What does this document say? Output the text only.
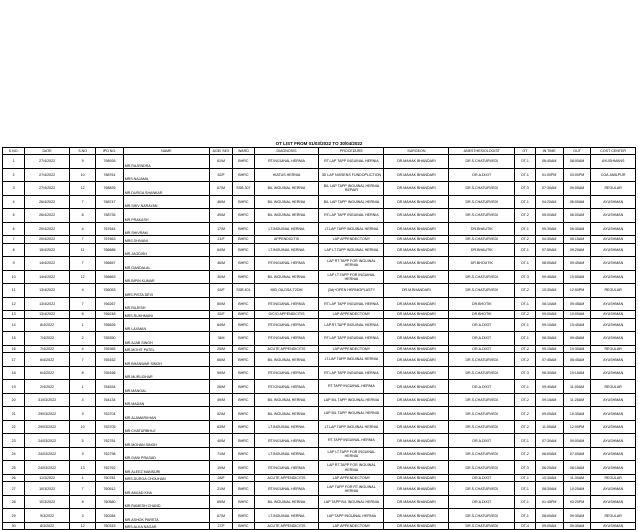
OT LIST FROM 01/03/2022 TO 30/04/2022
S.NO.	DATE	S.NO	IPD NO.	NAME	AGE/ SEX	WARD	DIAGNOSIS	PROCEDURE	SURGEON	ANESTHESIOLOGIST	OT	IN TIME	OUT	COST CENTER
1	27/4/2022	9	768926	MR.RAJENDRA	61/M	BHRC	RT.INGUINAL HERNIA	RT.LAP TAPP INGUINAL HERNIA	DR.MAHAK BHANDARI	DR.S.CHATURVEDI	OT-1	06:40AM	08:00AM	AYUSHMANS
2	27/4/2022	10	768761	MRS.NAJAMA	52/F	BHRC	HIATUS HERNIA	3D LAP NISSENS FUNDOPLICTION	DR.MAHAK BHANDARI	DR.A.DIXIT	OT-1	01:00PM	03:00PM	CGA JABLPUR
3	27/4/2022	12	768839	MR.DURGA SHANKAR	67/M	SSB 307	B/L INGUINAL HERNIA	B/L LAP TAPP INGUINAL HERNIA REPAIR	DR.MAHAK BHANDARI	DR.S.CHATURVEDI	OT-3	07:30AM	09:00AM	REGULAR
4	26/4/2022	7	768747	MR.SHIV NARAYAN	46/M	BHRC	B/L INGUINAL HERNIA	B/L LAP TAPP INGUINAL HERNIA	DR.MAHAK BHANDARI	DR.S.CHATURVEDI	OT-1	04:20AM	06:00AM	AYUSHMAN
5	26/4/2022	8	768735	MR.PRAKASH	49/M	BHRC	B/L INGUINAL HERNIA	RT.LAP TAPP INGUINAL HERNIA	DR.MAHAK BHANDARI	DR.S.CHATURVEDI	OT-2	05:00AM	06:00AM	AYUSHMAN
6	20/4/2022	4	767644	MR.SHIVRAM	17/M	BHRC	LT.INGUINAL HERNIA	LT.LAP TAPP INGUINAL HERNIA	DR.MAHAK BHANDARI	DR.BHAUTIK	OT-1	05:30AM	06:30AM	AYUSHMAN
7	20/4/2022	7	767663	MRS.SHIVANI	21/F	BHRC	APPENDICITIS	LAP APPENDECTOMY	DR.MAHAK BHANDARI	DR.S.CHATURVEDI	OT-2	04:30AM	05:15AM	AYUSHMAN
8	15/4/2022	11	766686	MR.JAGDISH	64/M	BHRC	LT.INGUINAL HERNIA	LAP LT.TAPP INGUINAL HERNIA	DR.MAHAK BHANDARI	DR.BHAUTIK	OT-1	07:50AM	09:20AM	AYUSHMAN
9	14/4/2022	7	766657	MR.GANDALAL	46/M	BHRC	RT.INGUINAL HERNIA	LAP RT.TAPP FOR INGUINAL HERNIA	DR.MAHAK BHANDARI	DR.BHOUTIK	OT-1	08:00AM	09:40AM	AYUSHMAN
10	14/4/2022	12	766663	MR.BIPIN KUMAR	30/M	BHRC	B/L INGUINAL HERNIA	LAP LT.TAPP FOR INGUINAL HERNIA	DR.MAHAK BHANDARI	DR.S.CHATURVEDI	OT-3	09:40AM	10:50AM	AYUSHMAN
11	13/4/2022	4	766053	MRS.PISTA DEVI	63/F	SSB 401	MID,OA,DSA,T2DM	(3d)+OPEN HERNIOPLASTY	DR.M.BHANDARI	DR.S.CHATURVEDI	OT-2	10:30AM	12:50PM	REGULAR
12	13/4/2022	7	766267	MR.RAJESH	50/M	BHRC	RT.INGUINAL HERNIA	RT.LAP TAPP INGUINAL HERNIA	DR.MAHAK BHANDARI	DR.BHOTIK	OT-1	08:10AM	09:45AM	AYUSHMAN
13	13/4/2022	8	766248	MRS.RUKHMANI	52/F	BHRC	O/C/O APPENDICITIS	LAP APPENDECTOMY	DR.MAHAK BHANDARI	DR.BHOTIK	OT-2	09:00AM	10:00AM	AYUSHMAN
14	8/4/2022	1	765626	MR.LAXMAN	64/M	BHRC	RT.INGUINAL HERNIA	LAP.RT.TAPP INGUINAL HERNIA	DR.MAHAK BHANDARI	DR.A.DIXIT	OT-1	09:10AM	10:40AM	AYUSHMAN
15	7/4/2022	2	765350	MR.AJAB SINGH	34M	BHRC	RT.INGUINAL HERNIA	RT.LAP TAPP INGUINAL HERNIA	DR.MAHAK BHANDARI	DR.A.DIXIT	OT-1	08:30AM	09:45AM	AYUSHMAN
16	7/4/2022	4	765365	MR.MOHIT PATEL	25/M	BHRC	ACUTE APPENDICITIS	LAP APPENDECTOMY	DR.MAHAK BHANDARI	DR.A.DIXIT	OT-2	09:15AM	10:30AM	REGULAR
17	6/4/2022	7	765162	MR.BHANWAR SINGH	66/M	BHRC	B/L INGUINAL HERNIA	LT.LAP TAPP INGUINAL HERNIA	DR.MAHAK BHANDARI	DR.S.CHATURVEDI	OT-2	07:45AM	08:45AM	AYUSHMAN
18	6/4/2022	8	765166	MR.MURLIDHAR	59/M	BHRC	RT.INGUINAL HERNIA	RT.LAP TAPP INGUINAL HERNIA	DR.MAHAK BHANDARI	DR.S.CHATURVEDI	OT-3	08:30AM	10:10AM	AYUSHMAN
19	2/4/2022	1	764534	MR.MANGAL	26/M	BHRC	RT.IGNUINAL HERNIA	RT.TAPP INGUINAL HERNIA	DR.MAHAK BHANDARI	DR.A.DIXIT	OT-1	09:40AM	11:00AM	REGULAR
20	31/03/2022	4	764134	MR.MADAN	49/M	BHRC	B/L INGUINAL HERNIA	LAP B/L TAPP INGUINAL HERNIA	DR.MAHAK BHANDARI	DR.S.CHATURVEDI	OT-2	09:15AM	11:25AM	AYUSHMAN
21	29/03/2022	9	763704	MR.ALAMARKHAN	52/M	BHRC	B/L INGUINAL HERNIA	LAP B/L TAPP INGUINAL HERNIA	DR.MAHAK BHANDARI	DR.S.CHATURVEDI	OT-2	09:00AM	10:30AM	AYUSHMAN
22	29/03/2022	10	763705	MR.CHATURBHUJ	63/M	BHRC	LT.INGUINAL HERNIA	LT.LAP TAPP INGUINAL HERNIA	DR.MAHAK BHANDARI	DR.S.CHATURVEDI	OT-2	11:00AM	12:00PM	AYUSHMAN
23	24/03/2022	5	762781	MR.MOHAN SINGH	40/M	BHRC	RT.INGUINAL HERNIA	RT.TAPP INGUINAL HERNIA	DR.MAHAK BHANDARI	DR.A.DIXIT	OT-1	07:30AM	09:00AM	AYUSHMAN
24	24/03/2022	9	762798	MR.GANI PRASAD	71/M	BHRC	LT.INGUINAL HERNIA	LAP LT.TAPP FOR INGUINAL HERNIA	DR.MAHAK BHANDARI	DR.S.CHATURVEDI	OT-2	06:00AM	07:00AM	AYUSHMAN
25	24/03/2022	13	762762	MR.ALEEZ MANSURI	19/M	BHRC	RT.INGUINAL HERNIA	LAP RT.TAPP FOR INGUINAL HERNIA	DR.MAHAK BHANDARI	DR.S.CHATURVEDI	OT-3	06:20AM	08:15AM	AYUSHMAN
26	11/3/2022	1	760781	MRS.DURGA CHOUHAN	28/F	BHRC	ACUTE APPENDICITIS	LAP APPENDECTOMY	DR.MAHAK BHANDARI	DR.A.DIXIT	OT-1	10:30AM	11:30AM	REGULAR
27	10/3/2022	7	760512	MR.AMJAD KHA	21/M	BHRC	RT.INGUINAL HERNIA	LAP TAPP FOR RT.INGUINAL HERNIA	DR.MAHAK BHANDARI	DR.S.CHATURVEDI	OT-1	08:30AM	10:20AM	AYUSHMAN
28	10/3/2022	8	760580	MR.RAMESH CHAND	69/M	BHRC	B/L INGUINAL HERNIA	LAP TAPP B/L INGUINAL HERNIA	DR.MAHAK BHANDARI	DR.A.DIXIT	OT-1	01:45PM	03:20PM	AYUSHMAN
29	9/3/2022	3	760284	MR.ASHOK PARETA	67/M	BHRC	LT.INGUINAL HERNIA	LAP TAPP INGUINAL HERNIA	DR.MAHAK BHANDARI	DR.S.CHATURVEDI	OT-1	08:00AM	09:30AM	REGULAR
30	8/3/2022	12	760315	MRS.ALKA NAGAR	27/F	BHRC	ACUTE APPENDICITIS	LAP APPENDECTOMY	DR.MAHAK BHANDARI	DR.S.CHATURVEDI	OT-4	09:00AM	09:30AM	AYUSHMAN
